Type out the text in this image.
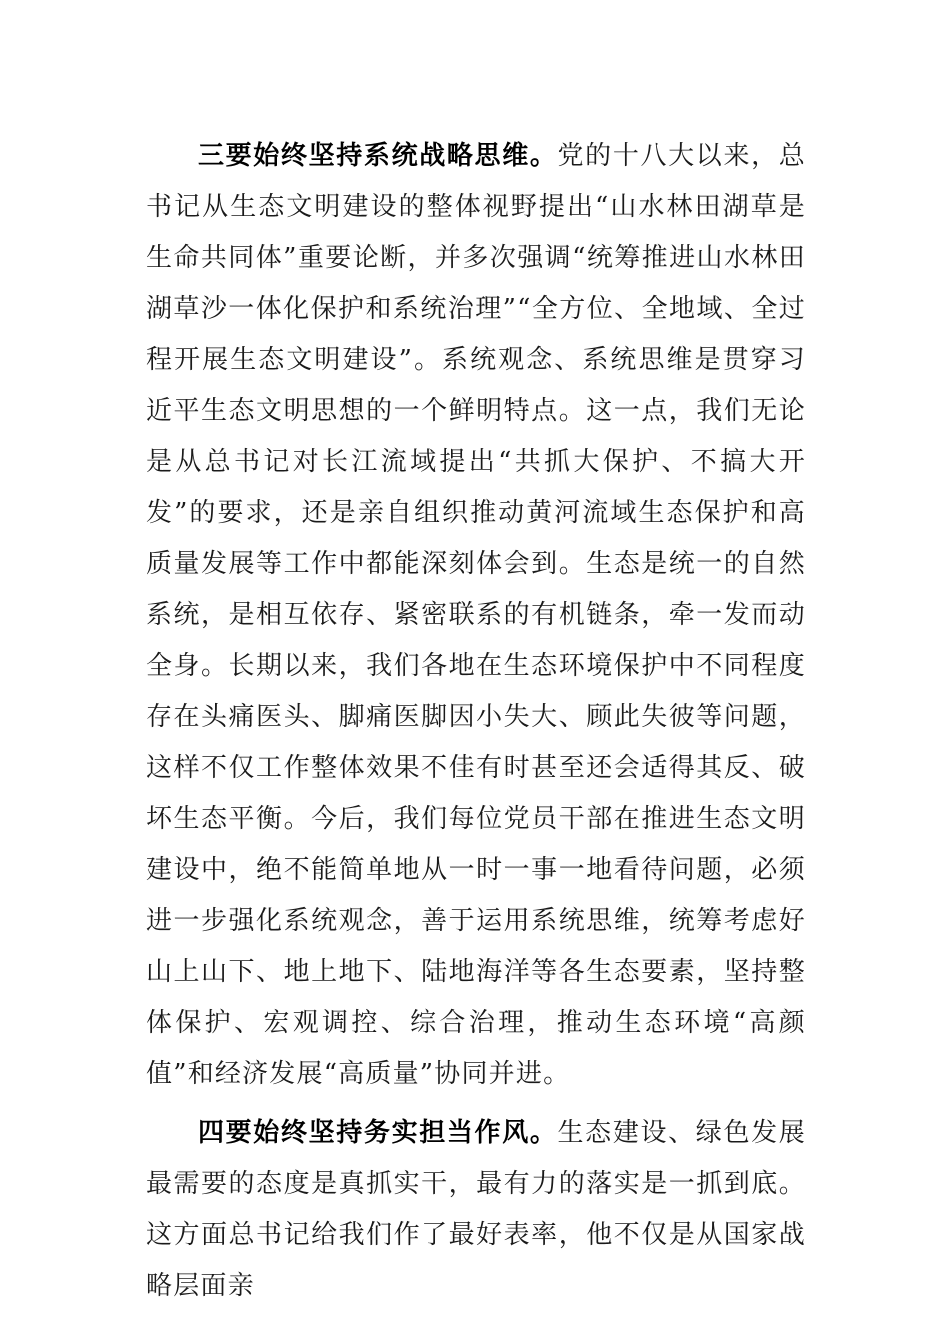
三要始终坚持系统战略思维。党的十八大以来，总书记从生态文明建设的整体视野提出“山水林田湖草是生命共同体”重要论断，并多次强调“统筹推进山水林田湖草沙一体化保护和系统治理”“全方位、全地域、全过程开展生态文明建设”。系统观念、系统思维是贯穿习近平生态文明思想的一个鲜明特点。这一点，我们无论是从总书记对长江流域提出“共抓大保护、不搞大开发”的要求，还是亲自组织推动黄河流域生态保护和高质量发展等工作中都能深刻体会到。生态是统一的自然系统，是相互依存、紧密联系的有机链条，牵一发而动全身。长期以来，我们各地在生态环境保护中不同程度存在头痛医头、脚痛医脚因小失大、顾此失彼等问题，这样不仅工作整体效果不佳有时甚至还会适得其反、破坏生态平衡。今后，我们每位党员干部在推进生态文明建设中，绝不能简单地从一时一事一地看待问题，必须进一步强化系统观念，善于运用系统思维，统筹考虑好山上山下、地上地下、陆地海洋等各生态要素，坚持整体保护、宏观调控、综合治理，推动生态环境“高颜值”和经济发展“高质量”协同并进。

四要始终坚持务实担当作风。生态建设、绿色发展最需要的态度是真抓实干，最有力的落实是一抓到底。这方面总书记给我们作了最好表率，他不仅是从国家战略层面亲
